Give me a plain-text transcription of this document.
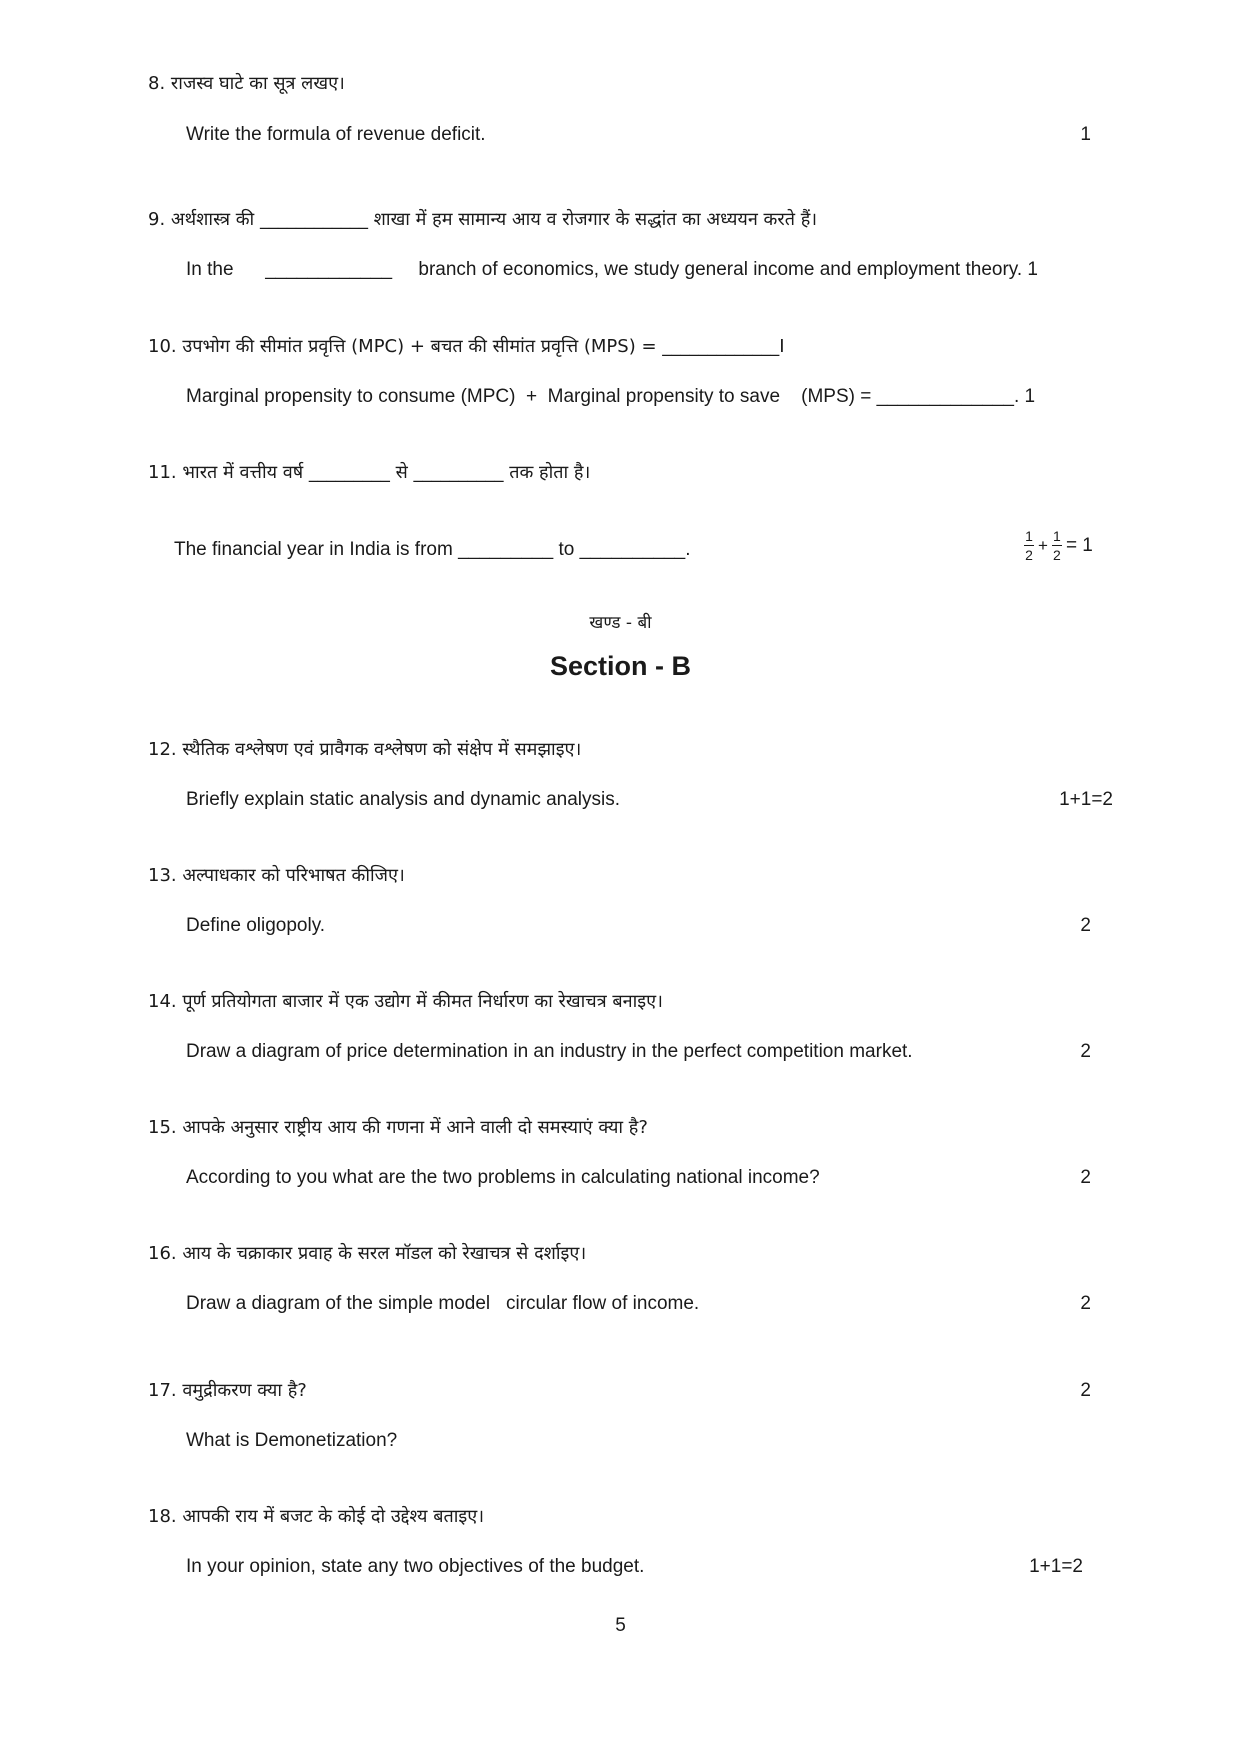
8. राजस्व घाटे का सूत्र लखए।
Write the formula of revenue deficit.	1
9. अर्थशास्त्र की ____________ शाखा में हम सामान्य आय व रोजगार के सद्धांत का अध्ययन करते हैं।
In the      ____________     branch of economics, we study general income and employment theory. 1
10. उपभोग की सीमांत प्रवृत्ति (MPC) + बचत की सीमांत प्रवृत्ति (MPS) = _____________I
Marginal propensity to consume (MPC)  +  Marginal propensity to save    (MPS) = _____________. 1
11. भारत में वत्तीय वर्ष _________ से __________ तक होता है।
The financial year in India is from _________ to __________.	$\frac{1}{2} + \frac{1}{2} = 1$
खण्ड - बी
Section - B
12. स्थैतिक वश्लेषण एवं प्रावैगक वश्लेषण को संक्षेप में समझाइए।
Briefly explain static analysis and dynamic analysis.	1+1=2
13. अल्पाधकार को परिभाषत कीजिए।
Define oligopoly.	2
14. पूर्ण प्रतियोगता बाजार में एक उद्योग में कीमत निर्धारण का रेखाचत्र बनाइए।
Draw a diagram of price determination in an industry in the perfect competition market.	2
15. आपके अनुसार राष्ट्रीय आय की गणना में आने वाली दो समस्याएं क्या है?
According to you what are the two problems in calculating national income?	2
16. आय के चक्राकार प्रवाह के सरल मॉडल को रेखाचत्र से दर्शाइए।
Draw a diagram of the simple model   circular flow of income.	2
17. वमुद्रीकरण क्या है?	2
What is Demonetization?
18. आपकी राय में बजट के कोई दो उद्देश्य बताइए।
In your opinion, state any two objectives of the budget.	1+1=2
5
